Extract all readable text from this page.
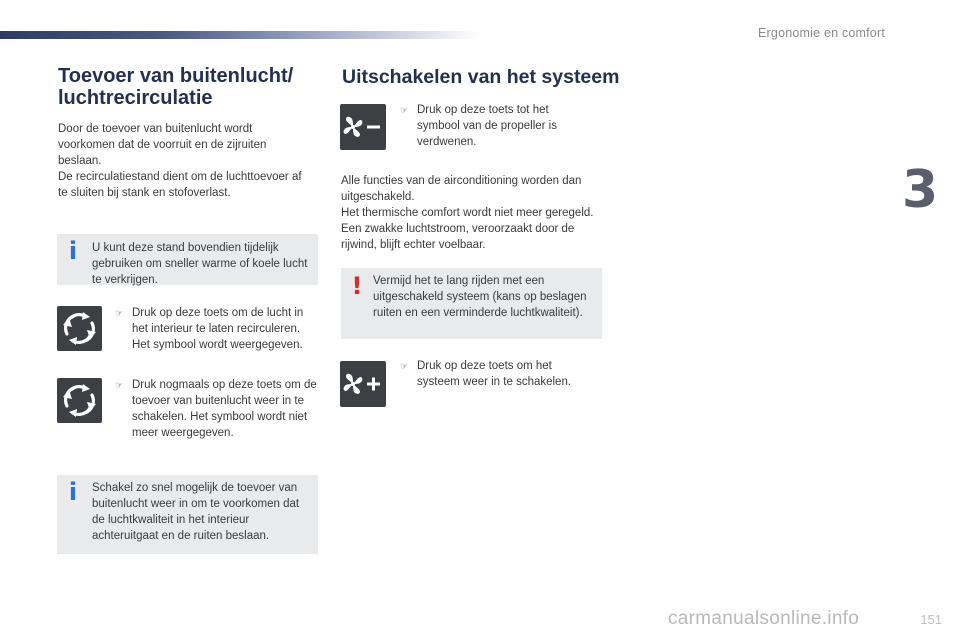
Ergonomie en comfort
3
Toevoer van buitenlucht/ luchtrecirculatie

Door de toevoer van buitenlucht wordt voorkomen dat de voorruit en de zijruiten beslaan.

De recirculatiestand dient om de luchttoevoer af te sluiten bij stank en stofoverlast.

i U kunt deze stand bovendien tijdelijk gebruiken om sneller warme of koele lucht te verkrijgen.
☞ Druk op deze toets om de lucht in het interieur te laten recirculeren. Het symbool wordt weergegeven.
☞ Druk nogmaals op deze toets om de toevoer van buitenlucht weer in te schakelen. Het symbool wordt niet meer weergegeven.
i Schakel zo snel mogelijk de toevoer van buitenlucht weer in om te voorkomen dat de luchtkwaliteit in het interieur achteruitgaat en de ruiten beslaan.
Uitschakelen van het systeem
☞ Druk op deze toets tot het symbool van de propeller is verdwenen.

Alle functies van de airconditioning worden dan uitgeschakeld.

Het thermische comfort wordt niet meer geregeld. Een zwakke luchtstroom, veroorzaakt door de rijwind, blijft echter voelbaar.

! Vermijd het te lang rijden met een uitgeschakeld systeem (kans op beslagen ruiten en een verminderde luchtkwaliteit).
☞ Druk op deze toets om het systeem weer in te schakelen.
carmanualsonline.info	151
